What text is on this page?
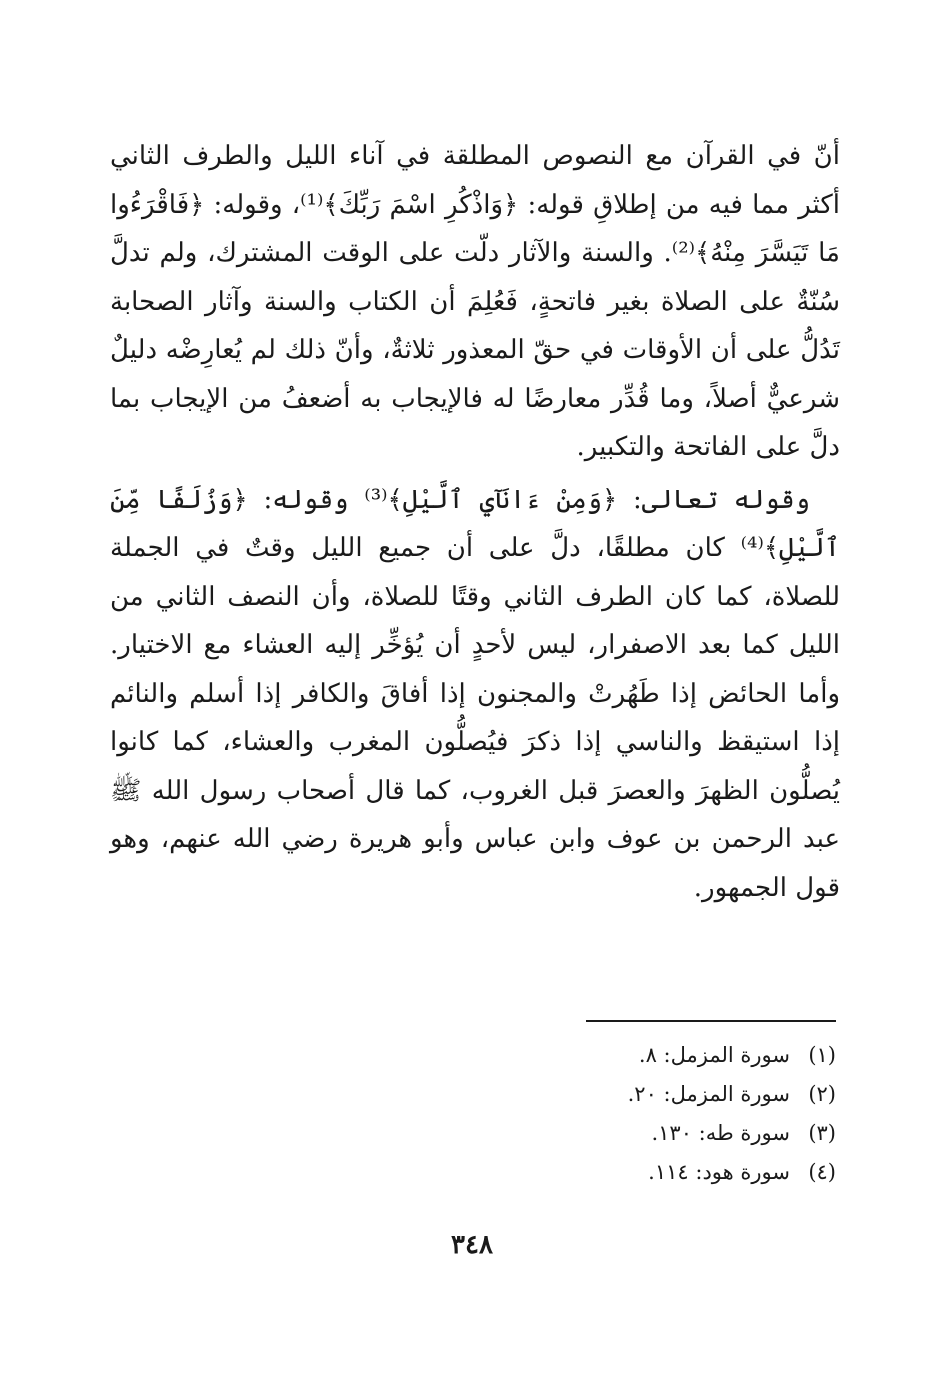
أنّ في القرآن مع النصوص المطلقة في آناء الليل والطرف الثاني أكثر مما فيه من إطلاقِ قوله: ﴿وَاذْكُرِ اسْمَ رَبِّكَ﴾⁽¹⁾، وقوله: ﴿فَاقْرَءُوا مَا تَيَسَّرَ مِنْهُ﴾⁽²⁾. والسنة والآثار دلّت على الوقت المشترك، ولم تدلَّ سُنّةٌ على الصلاة بغير فاتحةٍ، فَعُلِمَ أن الكتاب والسنة وآثار الصحابة تَدُلُّ على أن الأوقات في حقّ المعذور ثلاثةٌ، وأنّ ذلك لم يُعارِضْه دليلٌ شرعيٌّ أصلاً، وما قُدِّر معارضًا له فالإيجاب به أضعفُ من الإيجاب بما دلَّ على الفاتحة والتكبير.

وقوله تعالى: ﴿وَمِنْ ءَانَآيِ ٱلَّيْلِ﴾⁽³⁾ وقوله: ﴿وَزُلَفًا مِّنَ ٱلَّيْلِ﴾⁽⁴⁾ كان مطلقًا، دلَّ على أن جميع الليل وقتٌ في الجملة للصلاة، كما كان الطرف الثاني وقتًا للصلاة، وأن النصف الثاني من الليل كما بعد الاصفرار، ليس لأحدٍ أن يُؤخِّر إليه العشاء مع الاختيار. وأما الحائض إذا طَهُرتْ والمجنون إذا أفاقَ والكافر إذا أسلم والنائم إذا استيقظ والناسي إذا ذكرَ فيُصلُّون المغرب والعشاء، كما كانوا يُصلُّون الظهرَ والعصرَ قبل الغروب، كما قال أصحاب رسول الله ﷺ عبد الرحمن بن عوف وابن عباس وأبو هريرة رضي الله عنهم، وهو قول الجمهور.

(١)سورة المزمل: ٨.
(٢)سورة المزمل: ٢٠.
(٣)سورة طه: ١٣٠.
(٤)سورة هود: ١١٤.
٣٤٨
